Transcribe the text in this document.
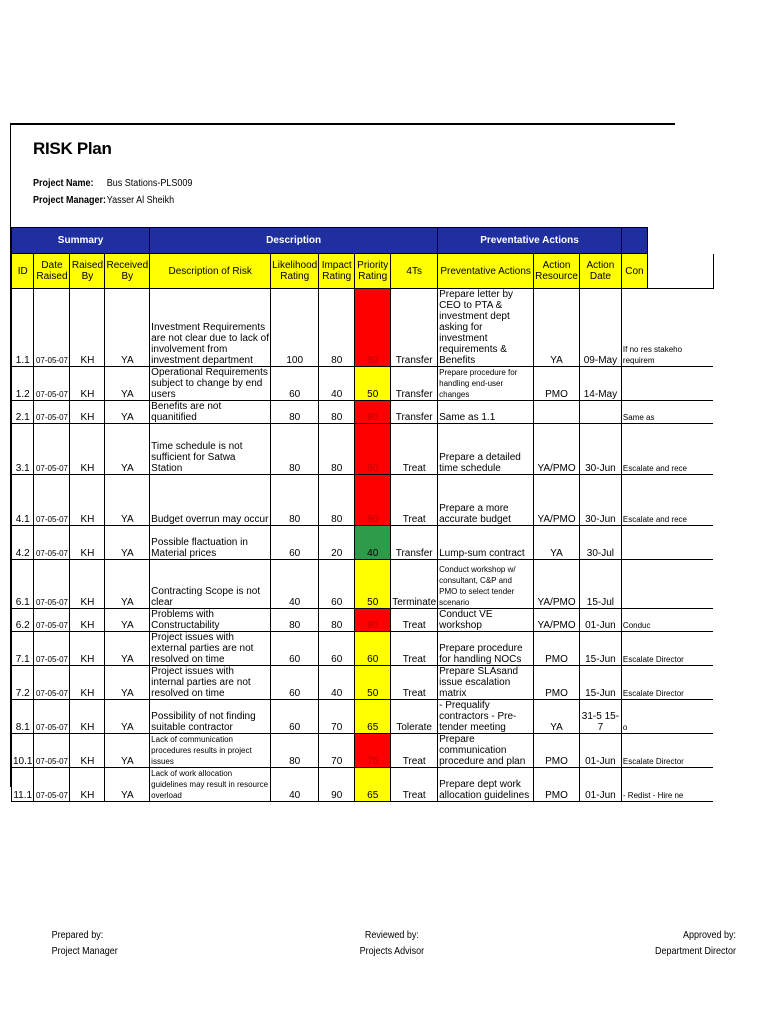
RISK Plan
Project Name: Bus Stations-PLS009
Project Manager:Yasser Al Sheikh
Summary				Description					Preventative Actions				
ID	Date Raised	Raised By	Received By	Description of Risk	Likelihood Rating	Impact Rating	Priority Rating	4Ts	Preventative Actions	Action Resource	Action Date	Con	
1.1	07-05-07	KH	YA	Investment Requirements are not clear due to lack of involvement from investment department	100	80	80	Transfer	Prepare letter by CEO to PTA & investment dept asking for investment requirements & Benefits	YA	09-May	If no res stakeho requirem	
1.2	07-05-07	KH	YA	Operational Requirements subject to change by end users	60	40	50	Transfer	Prepare procedure for handling end-user changes	PMO	14-May		
2.1	07-05-07	KH	YA	Benefits are not quanitified	80	80	80	Transfer	Same as 1.1			Same as	
3.1	07-05-07	KH	YA	Time schedule is not sufficient for Satwa Station	80	80	80	Treat	Prepare a detailed time schedule	YA/PMO	30-Jun	Escalate and rece	
4.1	07-05-07	KH	YA	Budget overrun may occur	80	80	80	Treat	Prepare a more accurate budget	YA/PMO	30-Jun	Escalate and rece	
4.2	07-05-07	KH	YA	Possible flactuation in Material prices	60	20	40	Transfer	Lump-sum contract	YA	30-Jul		
6.1	07-05-07	KH	YA	Contracting Scope is not clear	40	60	50	Terminate	Conduct workshop w/ consultant, C&P and PMO to select tender scenario	YA/PMO	15-Jul		
6.2	07-05-07	KH	YA	Problems with Constructability	80	80	80	Treat	Conduct VE workshop	YA/PMO	01-Jun	Conduc	
7.1	07-05-07	KH	YA	Project issues with external parties are not resolved on time	60	60	60	Treat	Prepare procedure for handling NOCs	PMO	15-Jun	Escalate Director	
7.2	07-05-07	KH	YA	Project issues with internal parties are not resolved on time	60	40	50	Treat	Prepare SLAsand issue escalation matrix	PMO	15-Jun	Escalate Director	
8.1	07-05-07	KH	YA	Possibility of not finding suitable contractor	60	70	65	Tolerate	- Prequalify contractors - Pre-tender meeting	YA	31-5 15-7	o	
10.1	07-05-07	KH	YA	Lack of communication procedures results in project issues	80	70	75	Treat	Prepare communication procedure and plan	PMO	01-Jun	Escalate Director	
11.1	07-05-07	KH	YA	Lack of work allocation guidelines may result in resource overload	40	90	65	Treat	Prepare dept work allocation guidelines	PMO	01-Jun	- Redist - Hire ne	
Prepared by:
Project Manager
Reviewed by:
Projects Advisor
Approved by:
Department Director
